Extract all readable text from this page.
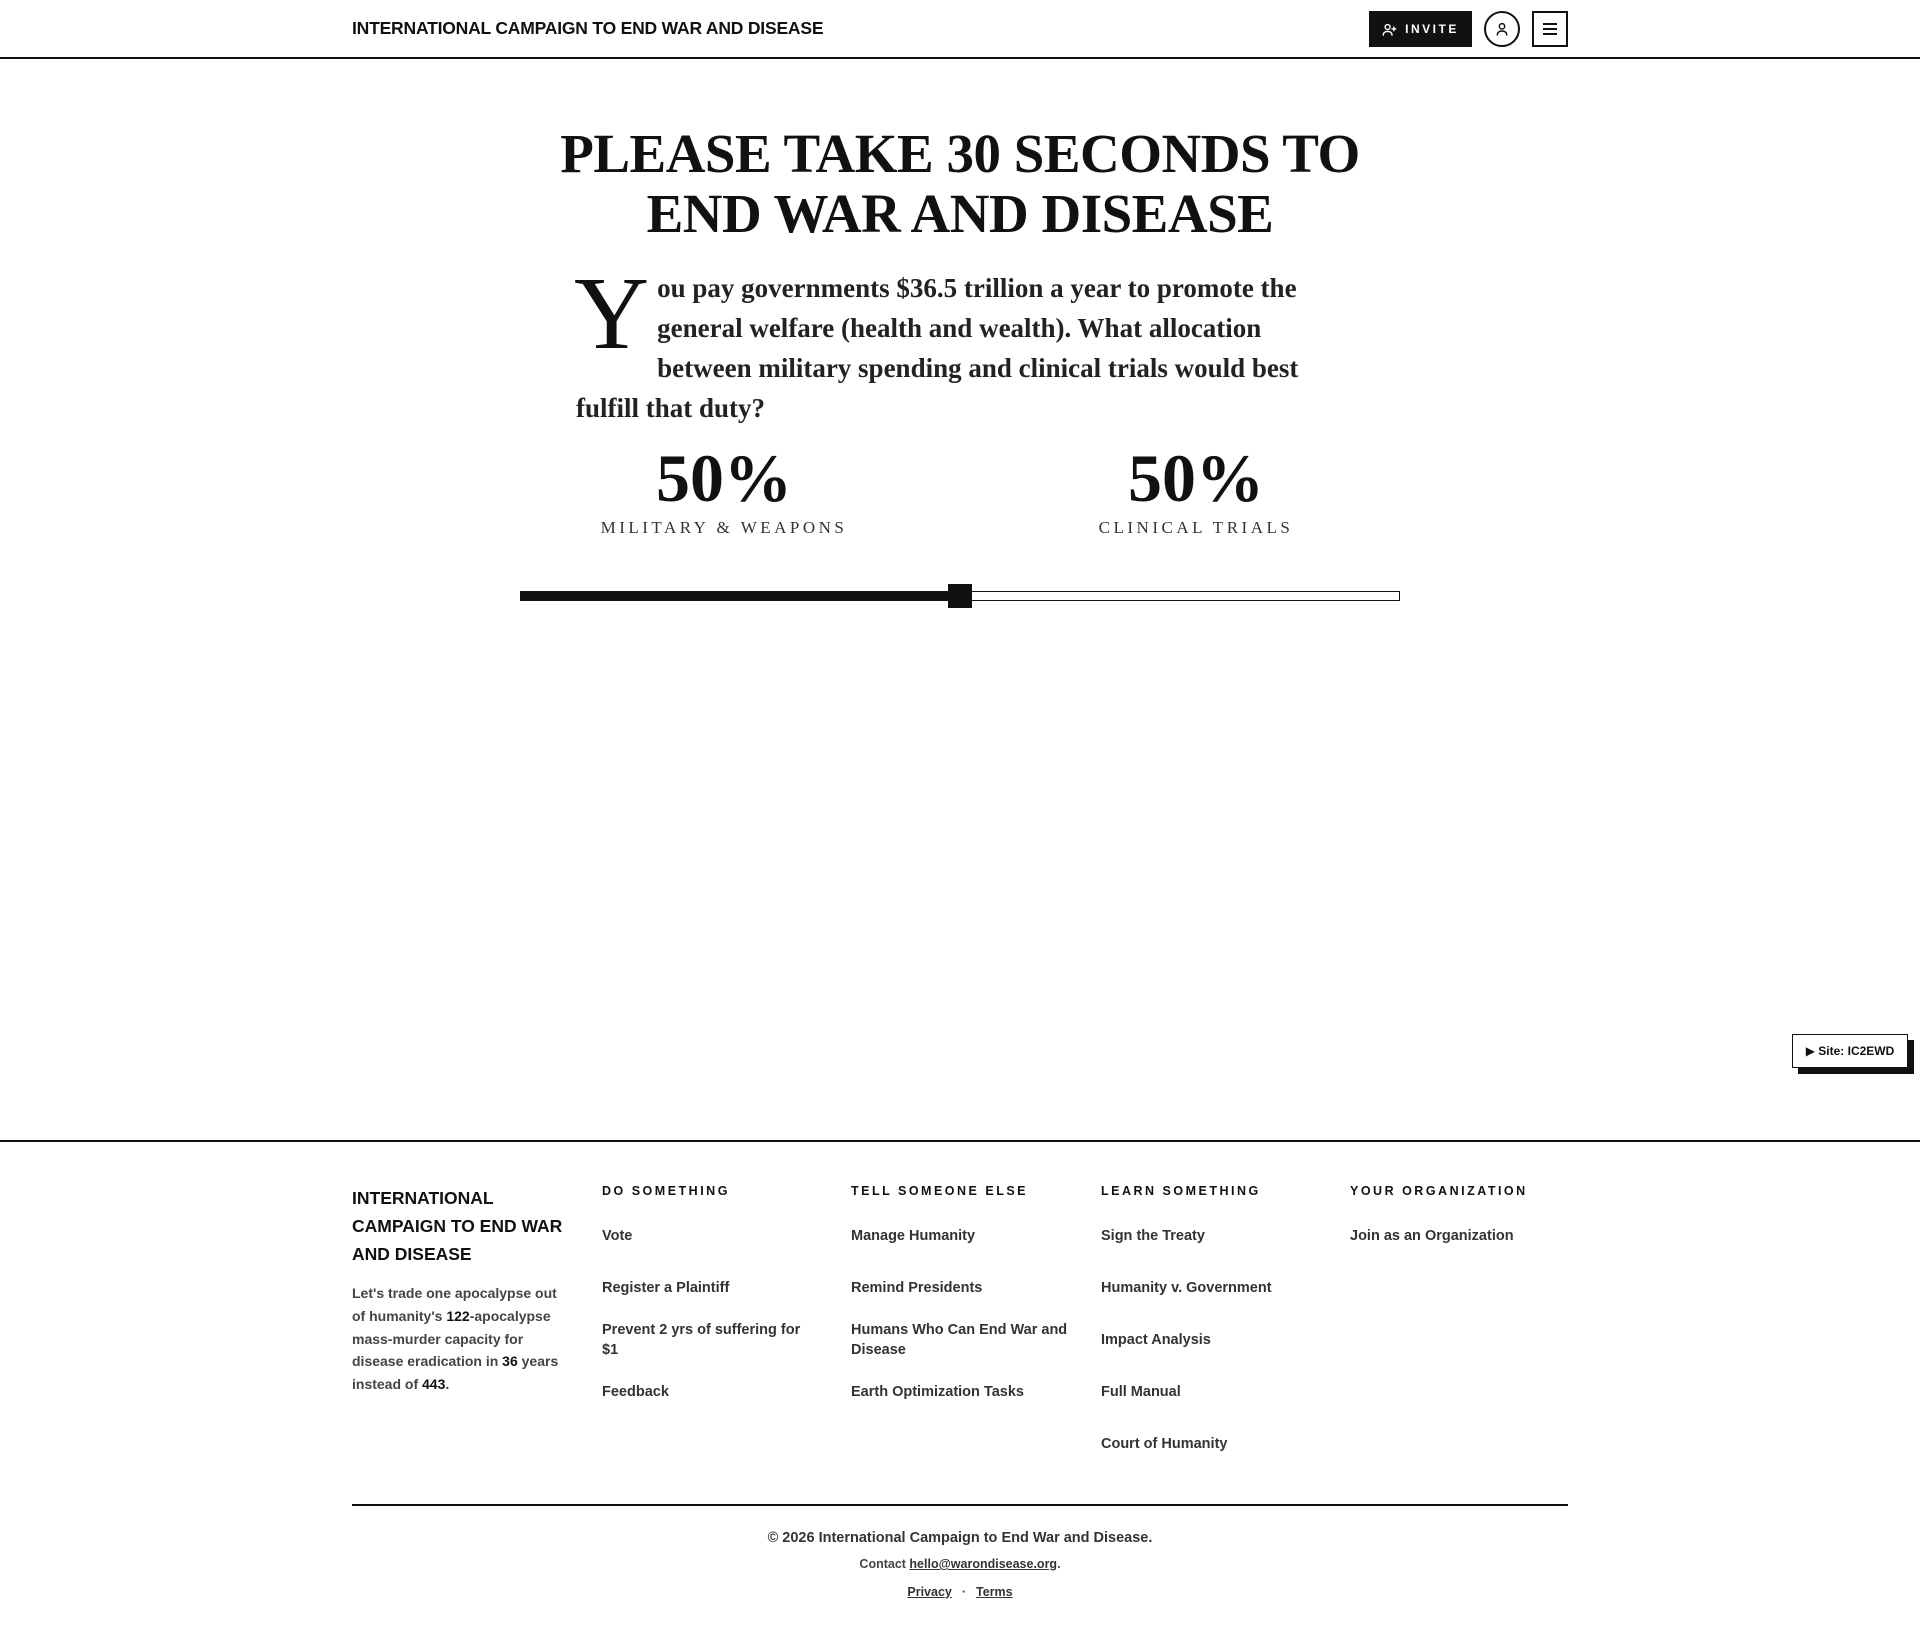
INTERNATIONAL CAMPAIGN TO END WAR AND DISEASE	INVITE
PLEASE TAKE 30 SECONDS TO
END WAR AND DISEASE

You pay governments $36.5 trillion a year to promote the general welfare (health and wealth). What allocation between military spending and clinical trials would best fulfill that duty?

50%
MILITARY & WEAPONS
50%
CLINICAL TRIALS
▶ Site: IC2EWD
INTERNATIONAL CAMPAIGN TO END WAR AND DISEASE
Let's trade one apocalypse out of humanity's 122-apocalypse mass-murder capacity for disease eradication in 36 years instead of 443.
DO SOMETHING
Vote
Register a Plaintiff
Prevent 2 yrs of suffering for $1
Feedback
TELL SOMEONE ELSE
Manage Humanity
Remind Presidents
Humans Who Can End War and Disease
Earth Optimization Tasks
LEARN SOMETHING
Sign the Treaty
Humanity v. Government
Impact Analysis
Full Manual
Court of Humanity
YOUR ORGANIZATION
Join as an Organization
© 2026 International Campaign to End War and Disease.
Contact hello@warondisease.org.
Privacy · Terms
